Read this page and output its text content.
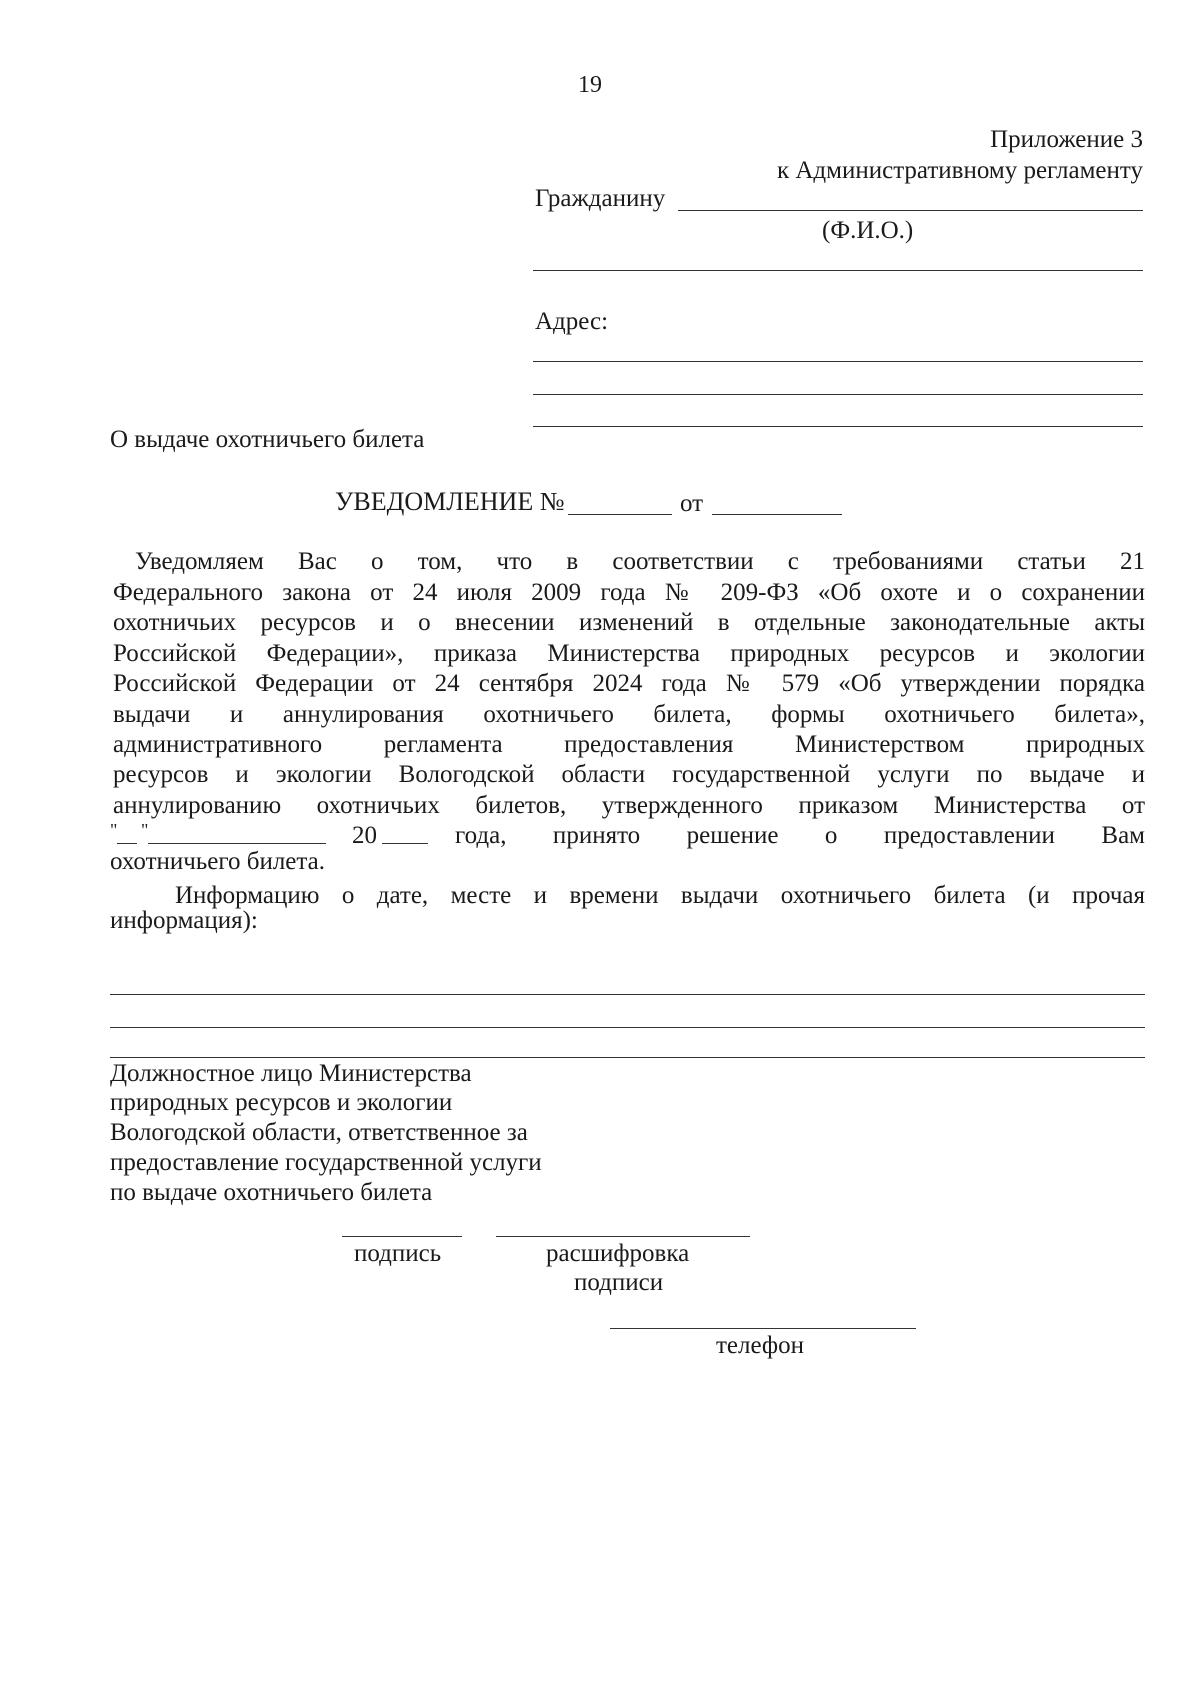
19
Приложение 3
к Административному регламенту
Гражданину
(Ф.И.О.)
Адрес:
О выдаче охотничьего билета
УВЕДОМЛЕНИЕ №	от
Уведомляем Вас о том, что в соответствии с требованиями статьи 21
Федерального закона от 24 июля 2009 года № 209-ФЗ «Об охоте и о сохранении
охотничьих ресурсов и о внесении изменений в отдельные законодательные акты
Российской Федерации», приказа Министерства природных ресурсов и экологии
Российской Федерации от 24 сентября 2024 года № 579 «Об утверждении порядка
выдачи и аннулирования охотничьего билета, формы охотничьего билета»,
административного регламента предоставления Министерством природных
ресурсов и экологии Вологодской области государственной услуги по выдаче и
аннулированию охотничьих билетов, утвержденного приказом Министерства от
" "	20	года, принято решение о предоставлении Вам
охотничьего билета.
Информацию о дате, месте и времени выдачи охотничьего билета (и прочая
информация):
Должностное лицо Министерства
природных ресурсов и экологии
Вологодской области, ответственное за
предоставление государственной услуги
по выдаче охотничьего билета
подпись	расшифровка
подписи
телефон
